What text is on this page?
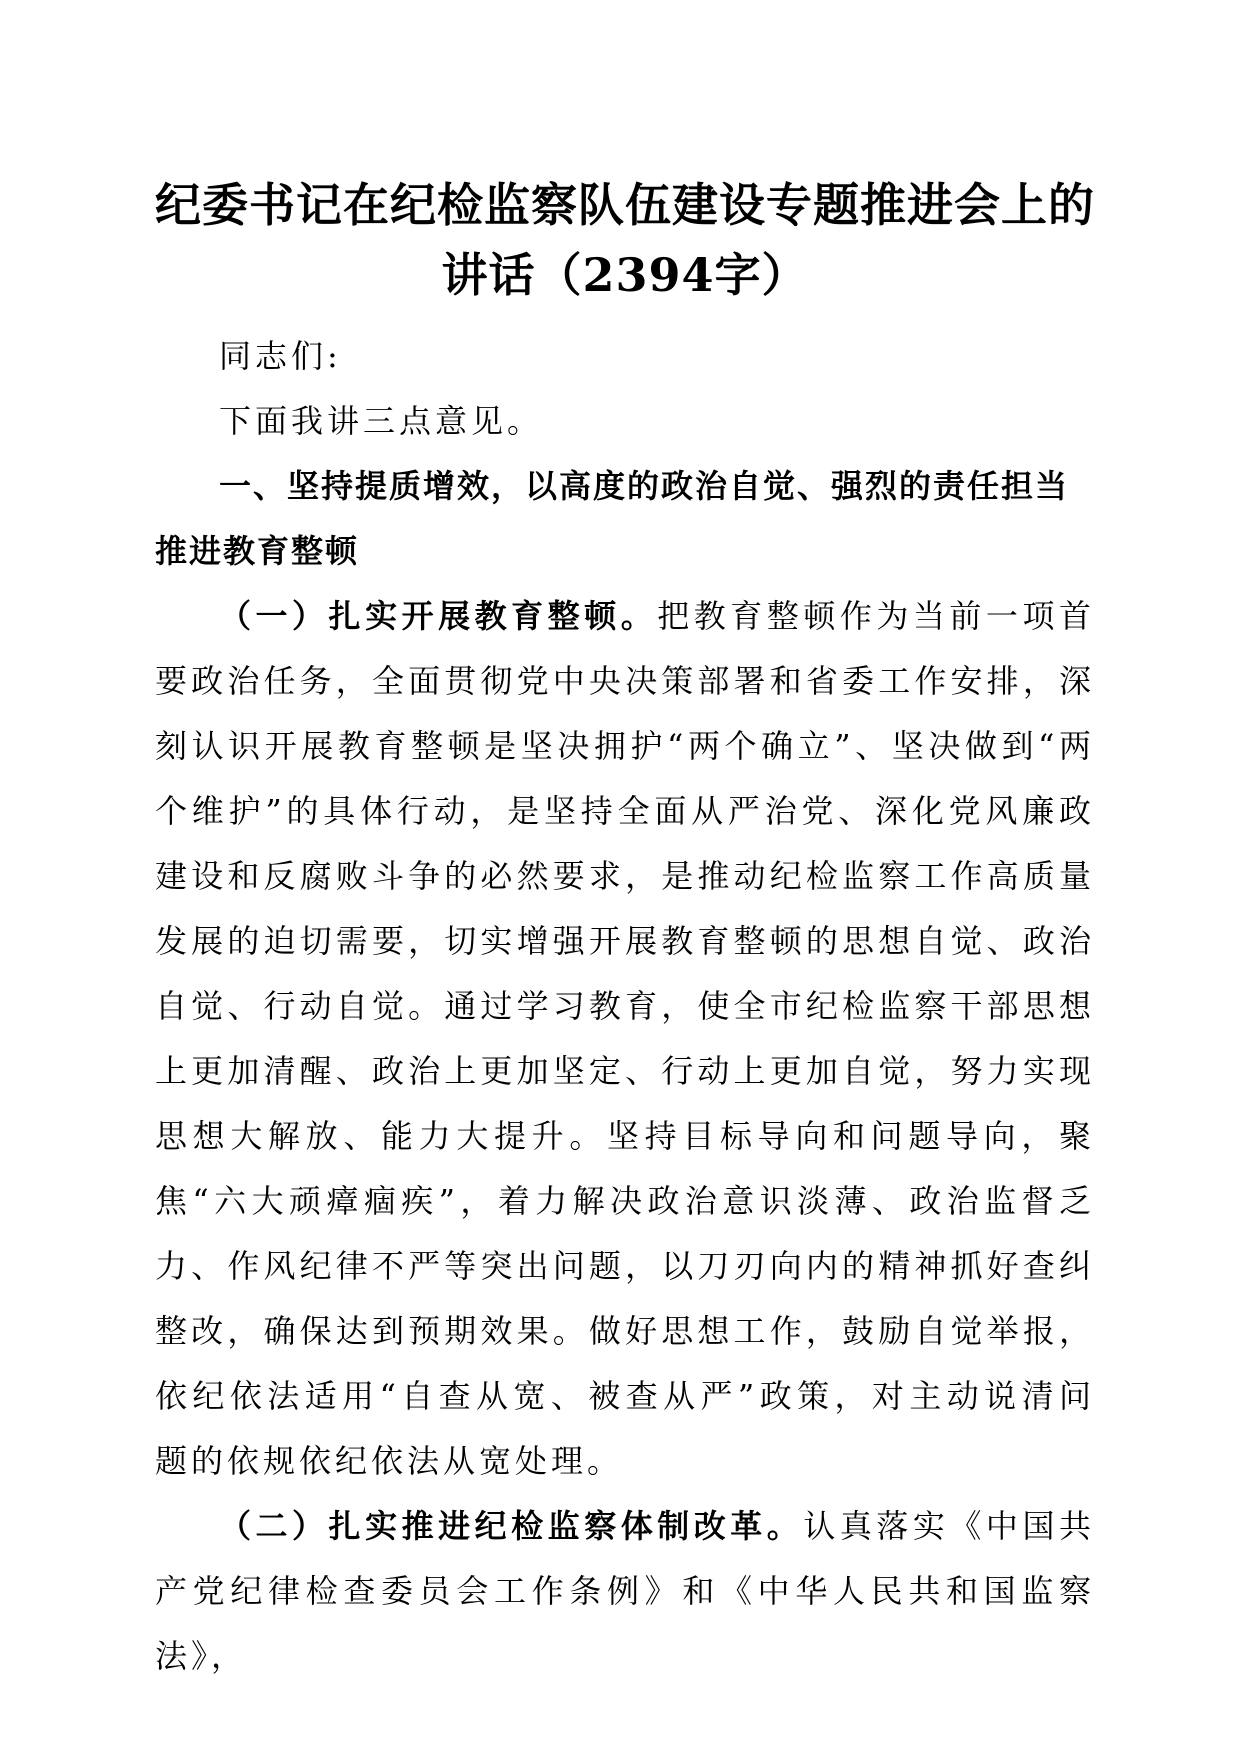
纪委书记在纪检监察队伍建设专题推进会上的
讲话（2394字）

同志们:

下面我讲三点意见。

一、坚持提质增效，以高度的政治自觉、强烈的责任担当推进教育整顿

（一）扎实开展教育整顿。把教育整顿作为当前一项首要政治任务，全面贯彻党中央决策部署和省委工作安排，深刻认识开展教育整顿是坚决拥护“两个确立”、坚决做到“两个维护”的具体行动，是坚持全面从严治党、深化党风廉政建设和反腐败斗争的必然要求，是推动纪检监察工作高质量发展的迫切需要，切实增强开展教育整顿的思想自觉、政治自觉、行动自觉。通过学习教育，使全市纪检监察干部思想上更加清醒、政治上更加坚定、行动上更加自觉，努力实现思想大解放、能力大提升。坚持目标导向和问题导向，聚焦“六大顽瘴痼疾”，着力解决政治意识淡薄、政治监督乏力、作风纪律不严等突出问题，以刀刃向内的精神抓好查纠整改，确保达到预期效果。做好思想工作，鼓励自觉举报，依纪依法适用“自查从宽、被查从严”政策，对主动说清问题的依规依纪依法从宽处理。

（二）扎实推进纪检监察体制改革。认真落实《中国共产党纪律检查委员会工作条例》和《中华人民共和国监察法》，
